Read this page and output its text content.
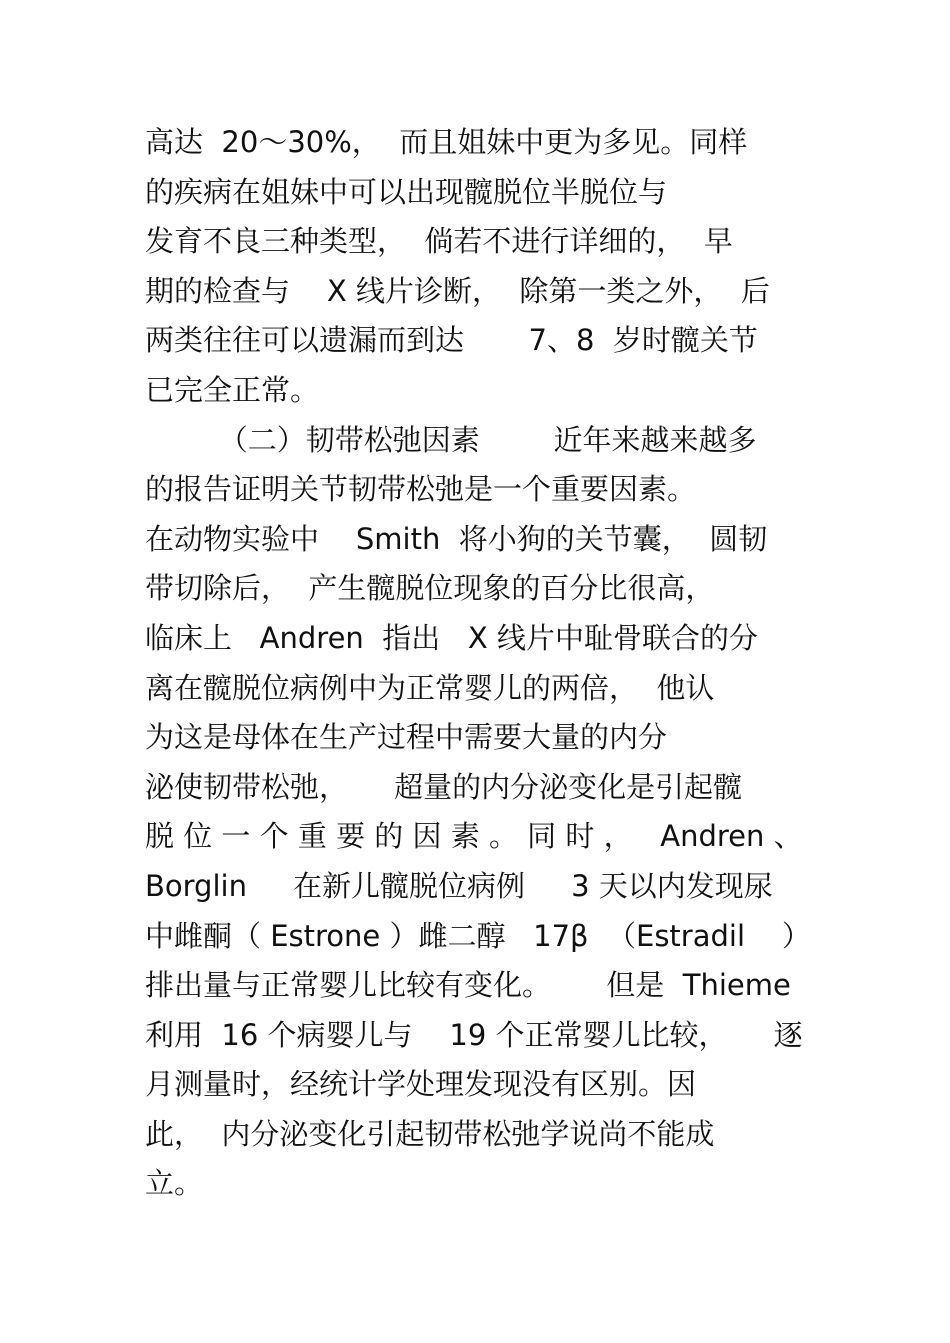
高达  20～30%，  而且姐妹中更为多见。同样
的疾病在姐妹中可以出现髋脱位半脱位与
发育不良三种类型，  倘若不进行详细的，  早
期的检查与    X 线片诊断，  除第一类之外，  后
两类往往可以遗漏而到达       7、8  岁时髋关节
已完全正常。
（二）韧带松弛因素        近年来越来越多
的报告证明关节韧带松弛是一个重要因素。
在动物实验中    Smith  将小狗的关节囊，  圆韧
带切除后，  产生髋脱位现象的百分比很高，
临床上   Andren  指出   X 线片中耻骨联合的分
离在髋脱位病例中为正常婴儿的两倍，  他认
为这是母体在生产过程中需要大量的内分
泌使韧带松弛，     超量的内分泌变化是引起髋
脱 位 一 个 重 要 的 因 素 。 同 时 ，   Andren 、
Borglin     在新儿髋脱位病例     3 天以内发现尿
中雌酮（ Estrone ）雌二醇   17β  （Estradil    ）
排出量与正常婴儿比较有变化。      但是  Thieme
利用  16 个病婴儿与    19 个正常婴儿比较，     逐
月测量时，经统计学处理发现没有区别。因
此，  内分泌变化引起韧带松弛学说尚不能成
立。
